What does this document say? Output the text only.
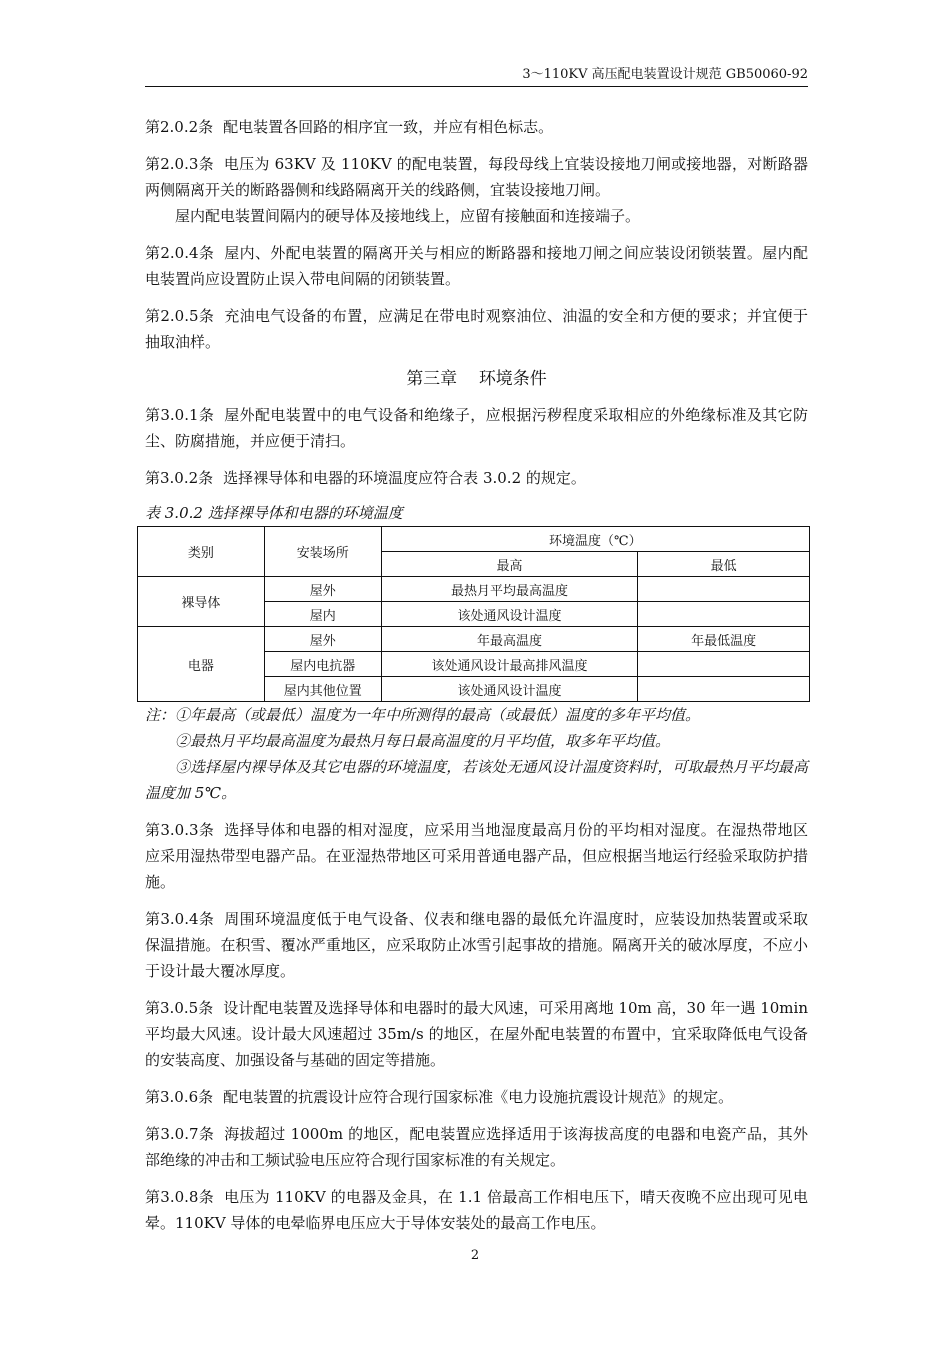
3～110KV 高压配电装置设计规范 GB50060-92

第2.0.2条 配电装置各回路的相序宜一致，并应有相色标志。

第2.0.3条 电压为 63KV 及 110KV 的配电装置，每段母线上宜装设接地刀闸或接地器，对断路器两侧隔离开关的断路器侧和线路隔离开关的线路侧，宜装设接地刀闸。

屋内配电装置间隔内的硬导体及接地线上，应留有接触面和连接端子。

第2.0.4条 屋内、外配电装置的隔离开关与相应的断路器和接地刀闸之间应装设闭锁装置。屋内配电装置尚应设置防止误入带电间隔的闭锁装置。

第2.0.5条 充油电气设备的布置，应满足在带电时观察油位、油温的安全和方便的要求；并宜便于抽取油样。

第三章 环境条件

第3.0.1条 屋外配电装置中的电气设备和绝缘子，应根据污秽程度采取相应的外绝缘标准及其它防尘、防腐措施，并应便于清扫。

第3.0.2条 选择裸导体和电器的环境温度应符合表 3.0.2 的规定。

表 3.0.2 选择裸导体和电器的环境温度

类别	安装场所	环境温度（℃）	
		最高	最低
裸导体	屋外	最热月平均最高温度	
	屋内	该处通风设计温度	
电器	屋外	年最高温度	年最低温度
	屋内电抗器	该处通风设计最高排风温度	
	屋内其他位置	该处通风设计温度	

注：①年最高（或最低）温度为一年中所测得的最高（或最低）温度的多年平均值。

②最热月平均最高温度为最热月每日最高温度的月平均值，取多年平均值。

③选择屋内裸导体及其它电器的环境温度，若该处无通风设计温度资料时，可取最热月平均最高温度加 5℃。

第3.0.3条 选择导体和电器的相对湿度，应采用当地湿度最高月份的平均相对湿度。在湿热带地区应采用湿热带型电器产品。在亚湿热带地区可采用普通电器产品，但应根据当地运行经验采取防护措施。

第3.0.4条 周围环境温度低于电气设备、仪表和继电器的最低允许温度时，应装设加热装置或采取保温措施。在积雪、覆冰严重地区，应采取防止冰雪引起事故的措施。隔离开关的破冰厚度，不应小于设计最大覆冰厚度。

第3.0.5条 设计配电装置及选择导体和电器时的最大风速，可采用离地 10m 高，30 年一遇 10min 平均最大风速。设计最大风速超过 35m/s 的地区，在屋外配电装置的布置中，宜采取降低电气设备的安装高度、加强设备与基础的固定等措施。

第3.0.6条 配电装置的抗震设计应符合现行国家标准《电力设施抗震设计规范》的规定。

第3.0.7条 海拔超过 1000m 的地区，配电装置应选择适用于该海拔高度的电器和电瓷产品，其外部绝缘的冲击和工频试验电压应符合现行国家标准的有关规定。

第3.0.8条 电压为 110KV 的电器及金具，在 1.1 倍最高工作相电压下，晴天夜晚不应出现可见电晕。110KV 导体的电晕临界电压应大于导体安装处的最高工作电压。

2
